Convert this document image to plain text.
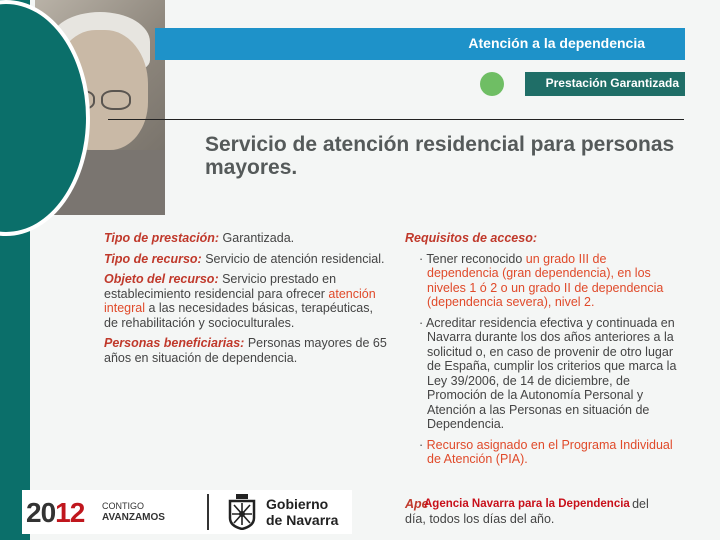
Atención a la dependencia
Prestación Garantizada
Servicio de atención residencial para personas mayores.
Tipo de prestación: Garantizada.
Tipo de recurso: Servicio de atención residencial.
Objeto del recurso: Servicio prestado en establecimiento residencial para ofrecer atención integral a las necesidades básicas, terapéuticas, de rehabilitación y socioculturales.
Personas beneficiarias: Personas mayores de 65 años en situación de dependencia.
Requisitos de acceso:
· Tener reconocido un grado III de dependencia (gran dependencia), en los niveles 1 ó 2 o un grado II de dependencia (dependencia severa), nivel 2.
· Acreditar residencia efectiva y continuada en Navarra durante los dos años anteriores a la solicitud o, en caso de provenir de otro lugar de España, cumplir los criterios que marca la Ley 39/2006, de 14 de diciembre, de Promoción de la Autonomía Personal y Atención a las Personas en situación de Dependencia.
· Recurso asignado en el Programa Individual de Atención (PIA).
Ape	del
día, todos los días del año.
2012 CONTIGO
AVANZAMOS
Gobierno
de Navarra
Agencia Navarra para la Dependencia
